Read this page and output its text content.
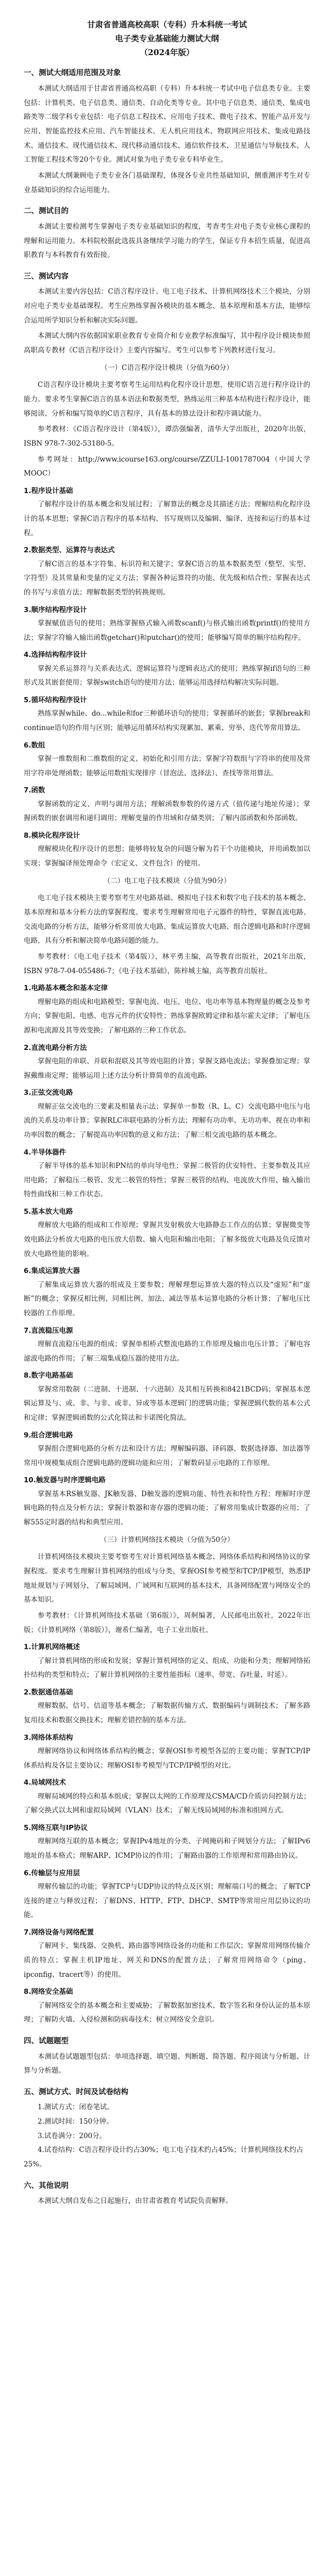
甘肃省普通高校高职（专科）升本科统一考试

电子类专业基础能力测试大纲

（2024年版）

一、测试大纲适用范围及对象

本测试大纲适用于甘肃省普通高校高职（专科）升本科统一考试中电子信息类专业。主要包括：计算机类、电子信息类、通信类、自动化类等专业。其中电子信息类、通信类、集成电路类等二级学科专业包括：电子信息工程技术、应用电子技术、微电子技术、智能产品开发与应用、智能监控技术应用、汽车智能技术、无人机应用技术、物联网应用技术、集成电路技术、通信技术、现代通信技术、现代移动通信技术、通信软件技术、卫星通信与导航技术、人工智能工程技术等20个专业。测试对象为电子类专业专科毕业生。

本测试大纲兼顾电子类专业各门基础课程，体现各专业共性基础知识，侧重测评考生对专业基础知识的综合运用能力。

二、测试目的

本测试主要检测考生掌握电子类专业基础知识的程度，考查考生对电子类专业核心课程的理解和运用能力。本科院校据此选拔具备继续学习能力的学生，保证专升本招生质量，促进高职教育与本科教育有效衔接。

三、测试内容

本测试主要内容包括：C语言程序设计、电工电子技术、计算机网络技术三个模块，分别对应电子类专业基础课程。考生应熟练掌握各模块的基本概念、基本原理和基本方法，能够综合运用所学知识分析和解决实际问题。

本测试大纲内容依据国家职业教育专业简介和专业教学标准编写，其中程序设计模块参照高职高专教材《C语言程序设计》主要内容编写。考生可以参考下列教材进行复习。

（一）C语言程序设计模块（分值为60分）

C语言程序设计模块主要考察考生运用结构化程序设计思想，使用C语言进行程序设计的能力。要求考生掌握C语言的基本语法和数据类型，熟练运用三种基本结构进行程序设计，能够阅读、分析和编写简单的C语言程序，具有基本的算法设计和程序调试能力。

参考教材：《C语言程序设计（第4版）》，谭浩强编著，清华大学出版社，2020年出版，ISBN 978-7-302-53180-5。

参考网址：http://www.icourse163.org/course/ZZULI-1001787004（中国大学MOOC）

1.程序设计基础

了解程序设计的基本概念和发展过程；了解算法的概念及其描述方法；理解结构化程序设计的基本思想；掌握C语言程序的基本结构、书写规则以及编辑、编译、连接和运行的基本过程。

2.数据类型、运算符与表达式

了解C语言的基本字符集、标识符和关键字；掌握C语言的基本数据类型（整型、实型、字符型）及其常量和变量的定义方法；掌握各种运算符的功能、优先级和结合性；掌握表达式的书写与求值方法；理解数据类型的转换规则。

3.顺序结构程序设计

掌握赋值语句的使用；熟练掌握格式输入函数scanf()与格式输出函数printf()的使用方法；掌握字符输入输出函数getchar()和putchar()的使用；能够编写简单的顺序结构程序。

4.选择结构程序设计

掌握关系运算符与关系表达式、逻辑运算符与逻辑表达式的使用；熟练掌握if语句的三种形式及其嵌套使用；掌握switch语句的使用方法；能够运用选择结构解决实际问题。

5.循环结构程序设计

熟练掌握while、do...while和for三种循环语句的使用；掌握循环的嵌套；掌握break和continue语句的作用与区别；能够运用循环结构实现累加、累乘、穷举、迭代等常用算法。

6.数组

掌握一维数组和二维数组的定义、初始化和引用方法；掌握字符数组与字符串的使用及常用字符串处理函数；能够运用数组实现排序（冒泡法、选择法）、查找等常用算法。

7.函数

掌握函数的定义、声明与调用方法；理解函数参数的传递方式（值传递与地址传递）；掌握函数的嵌套调用和递归调用；理解变量的作用域和存储类别；了解内部函数和外部函数。

8.模块化程序设计

理解模块化程序设计的思想；能够将较复杂的问题分解为若干个功能模块，并用函数加以实现；掌握编译预处理命令（宏定义、文件包含）的使用。

（二）电工电子技术模块（分值为90分）

电工电子技术模块主要考察考生对电路基础、模拟电子技术和数字电子技术的基本概念、基本原理和基本分析方法的掌握程度。要求考生理解常用电子元器件的特性，掌握直流电路、交流电路的分析方法，能够分析常用放大电路、集成运算放大电路、组合逻辑电路和时序逻辑电路，具有分析和解决简单电路问题的能力。

参考教材：《电工电子技术（第4版）》，林平勇主编，高等教育出版社，2021年出版，ISBN 978-7-04-055486-7；《电子技术基础》，陈梓城主编，高等教育出版社。

1.电路基本概念和基本定律

理解电路的组成和电路模型；掌握电流、电压、电位、电功率等基本物理量的概念及参考方向；掌握电阻、电感、电容元件的伏安特性；熟练掌握欧姆定律和基尔霍夫定律；了解电压源和电流源及其等效变换；了解电路的三种工作状态。

2.直流电路分析方法

掌握电阻的串联、并联和混联及其等效电阻的计算；掌握支路电流法；掌握叠加定理；掌握戴维南定理；能够运用上述方法分析计算简单的直流电路。

3.正弦交流电路

理解正弦交流电的三要素及相量表示法；掌握单一参数（R、L、C）交流电路中电压与电流的关系及功率计算；掌握RLC串联电路的分析方法；理解有功功率、无功功率、视在功率和功率因数的概念；了解提高功率因数的意义和方法；了解三相交流电路的基本概念。

4.半导体器件

了解半导体的基本知识和PN结的单向导电性；掌握二极管的伏安特性、主要参数及其应用电路；了解稳压二极管、发光二极管的特性；掌握三极管的结构、电流放大作用、输入输出特性曲线和三种工作状态。

5.基本放大电路

理解放大电路的组成和工作原理；掌握共发射极放大电路静态工作点的估算；掌握微变等效电路法分析放大电路的电压放大倍数、输入电阻和输出电阻；了解多级放大电路及负反馈对放大电路性能的影响。

6.集成运算放大器

了解集成运算放大器的组成及主要参数；理解理想运算放大器的特点以及“虚短”和“虚断”的概念；掌握反相比例、同相比例、加法、减法等基本运算电路的分析计算；了解电压比较器的工作原理。

7.直流稳压电源

理解直流稳压电源的组成；掌握单相桥式整流电路的工作原理及输出电压计算；了解电容滤波电路的作用；了解三端集成稳压器的使用方法。

8.数字电路基础

掌握常用数制（二进制、十进制、十六进制）及其相互转换和8421BCD码；掌握基本逻辑运算及与、或、非、与非、或非、异或等基本逻辑门的逻辑功能；掌握逻辑代数的基本公式和定律；掌握逻辑函数的公式化简法和卡诺图化简法。

9.组合逻辑电路

掌握组合逻辑电路的分析方法和设计方法；理解编码器、译码器、数据选择器、加法器等常用中规模集成组合逻辑电路的逻辑功能和应用；了解数码显示电路的工作原理。

10.触发器与时序逻辑电路

掌握基本RS触发器、JK触发器、D触发器的逻辑功能、特性表和特性方程；理解时序逻辑电路的特点及分析方法；掌握计数器和寄存器的逻辑功能；了解常用集成计数器的应用；了解555定时器的结构和典型应用。

（三）计算机网络技术模块（分值为50分）

计算机网络技术模块主要考察考生对计算机网络基本概念、网络体系结构和网络协议的掌握程度。要求考生理解计算机网络的组成与分类，掌握OSI参考模型和TCP/IP模型，熟悉IP地址规划与子网划分，了解局域网、广域网和互联网的基本技术，具备网络配置与网络安全的基本知识。

参考教材：《计算机网络技术基础（第6版）》，周舸编著，人民邮电出版社，2022年出版；《计算机网络（第8版）》，谢希仁编著，电子工业出版社。

1.计算机网络概述

了解计算机网络的形成和发展；掌握计算机网络的定义、组成、功能和分类；理解网络拓扑结构的类型和特点；了解计算机网络的主要性能指标（速率、带宽、吞吐量、时延）。

2.数据通信基础

理解数据、信号、信道等基本概念；了解数据传输方式、数据编码与调制技术；了解多路复用技术和数据交换技术；理解差错控制的基本方法。

3.网络体系结构

理解网络协议和网络体系结构的概念；掌握OSI参考模型各层的主要功能；掌握TCP/IP体系结构及各层主要协议；理解OSI参考模型与TCP/IP模型的对比。

4.局域网技术

理解局域网的特点和基本组成；掌握以太网的工作原理及CSMA/CD介质访问控制方法；了解交换式以太网和虚拟局域网（VLAN）技术；了解无线局域网的标准和组网方式。

5.网络互联与IP协议

理解网络互联的基本概念；掌握IPv4地址的分类、子网掩码和子网划分方法；了解IPv6地址的基本格式；理解ARP、ICMP协议的作用；了解路由器的工作原理和常用路由协议。

6.传输层与应用层

理解传输层的功能；掌握TCP与UDP协议的特点及区别；理解端口号的概念；了解TCP连接的建立与释放过程；了解DNS、HTTP、FTP、DHCP、SMTP等常用应用层协议的功能。

7.网络设备与网络配置

了解网卡、集线器、交换机、路由器等网络设备的功能和工作层次；掌握常用网络传输介质的特点；掌握主机IP地址、网关和DNS的配置方法；了解常用网络命令（ping、ipconfig、tracert等）的使用。

8.网络安全基础

了解网络安全的基本概念和主要威胁；了解数据加密技术、数字签名和身份认证的基本原理；了解防火墙、入侵检测和防病毒技术；树立网络安全意识。

四、试题题型

本测试卷试题题型包括：单项选择题、填空题、判断题、简答题、程序阅读与分析题、计算与分析题。

五、测试方式、时间及试卷结构

1.测试方式：闭卷笔试。

2.测试时间：150分钟。

3.试卷满分：200分。

4.试卷结构：C语言程序设计约占30%；电工电子技术约占45%；计算机网络技术约占25%。

六、其他说明

本测试大纲自发布之日起施行，由甘肃省教育考试院负责解释。
